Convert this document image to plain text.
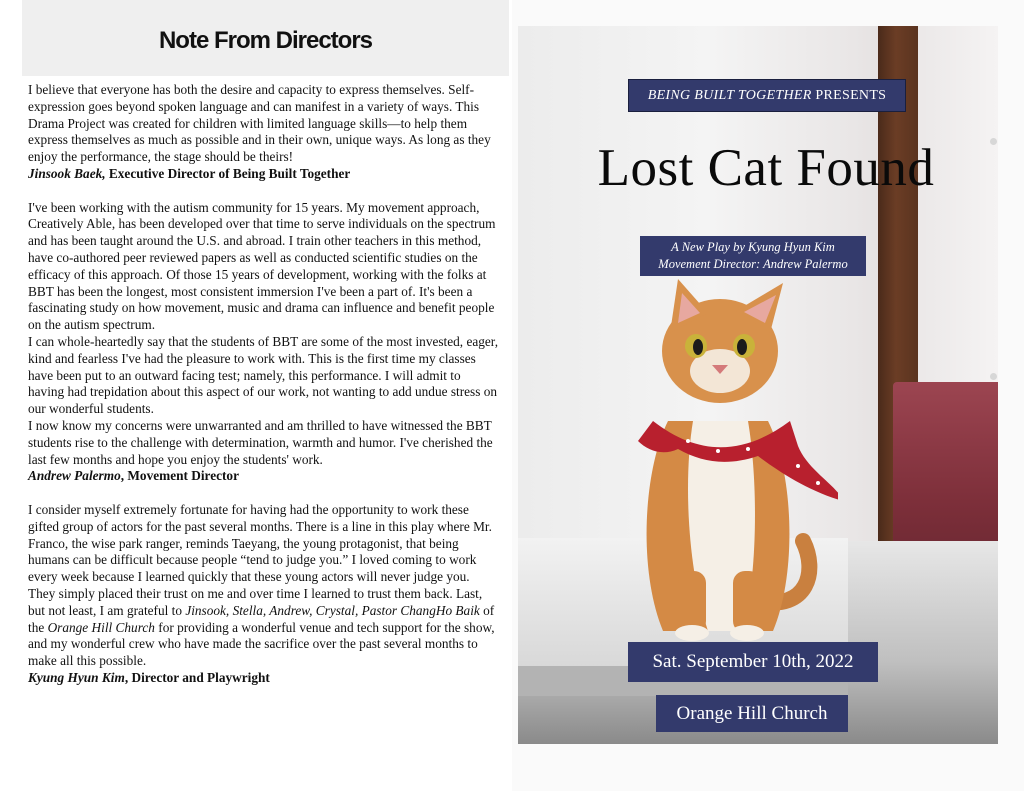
Note From Directors

I believe that everyone has both the desire and capacity to express themselves. Self-expression goes beyond spoken language and can manifest in a variety of ways. This Drama Project was created for children with limited language skills—to help them express themselves as much as possible and in their own, unique ways. As long as they enjoy the performance, the stage should be theirs!

Jinsook Baek, Executive Director of Being Built Together

I've been working with the autism community for 15 years. My movement approach, Creatively Able, has been developed over that time to serve individuals on the spectrum and has been taught around the U.S. and abroad. I train other teachers in this method, have co-authored peer reviewed papers as well as conducted scientific studies on the efficacy of this approach. Of those 15 years of development, working with the folks at BBT has been the longest, most consistent immersion I've been a part of. It's been a fascinating study on how movement, music and drama can influence and benefit people on the autism spectrum.

I can whole-heartedly say that the students of BBT are some of the most invested, eager, kind and fearless I've had the pleasure to work with. This is the first time my classes have been put to an outward facing test; namely, this performance. I will admit to having had trepidation about this aspect of our work, not wanting to add undue stress on our wonderful students.

I now know my concerns were unwarranted and am thrilled to have witnessed the BBT students rise to the challenge with determination, warmth and humor. I've cherished the last few months and hope you enjoy the students' work.

Andrew Palermo, Movement Director

I consider myself extremely fortunate for having had the opportunity to work these gifted group of actors for the past several months. There is a line in this play where Mr. Franco, the wise park ranger, reminds Taeyang, the young protagonist, that being humans can be difficult because people “tend to judge you.” I loved coming to work every week because I learned quickly that these young actors will never judge you. They simply placed their trust on me and over time I learned to trust them back. Last, but not least, I am grateful to Jinsook, Stella, Andrew, Crystal, Pastor ChangHo Baik of the Orange Hill Church for providing a wonderful venue and tech support for the show, and my wonderful crew who have made the sacrifice over the past several months to make all this possible.

Kyung Hyun Kim, Director and Playwright

BEING BUILT TOGETHER PRESENTS
Lost Cat Found
A New Play by Kyung Hyun Kim
Movement Director: Andrew Palermo
Sat. September 10th, 2022
Orange Hill Church
